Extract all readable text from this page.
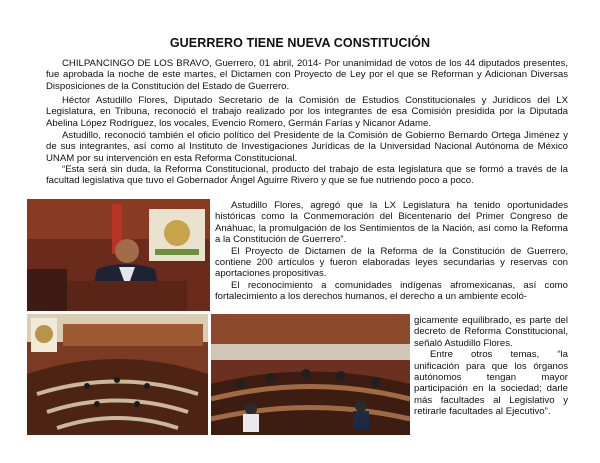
GUERRERO TIENE NUEVA CONSTITUCIÓN

CHILPANCINGO DE LOS BRAVO, Guerrero, 01 abril, 2014- Por unanimidad de votos de los 44 diputados presentes, fue aprobada la noche de este martes, el Dictamen con Proyecto de Ley por el que se Reforman y Adicionan Diversas Disposiciones de la Constitución del Estado de Guerrero.

Héctor Astudillo Flores, Diputado Secretario de la Comisión de Estudios Constitucionales y Jurídicos del LX Legislatura, en Tribuna, reconoció el trabajo realizado por los integrantes de esa Comisión presidida por la Diputada Abelina López Rodríguez, los vocales, Evencio Romero, Germán Farías y Nicanor Adame.

Astudillo, reconoció también el oficio político del Presidente de la Comisión de Gobierno Bernardo Ortega Jiménez y de sus integrantes, así como al Instituto de Investigaciones Jurídicas de la Universidad Nacional Autónoma de México UNAM por su intervención en esta Reforma Constitucional.

“Esta será sin duda, la Reforma Constitucional, producto del trabajo de esta legislatura que se formó a través de la facultad legislativa que tuvo el Gobernador Ángel Aguirre Rivero y que se fue nutriendo poco a poco.

Astudillo Flores, agregó que la LX Legislatura ha tenido oportunidades históricas como la Conmemoración del Bicentenario del Primer Congreso de Anáhuac, la promulgación de los Sentimientos de la Nación, así como la Reforma a la Constitución de Guerrero”.

El Proyecto de Dictamen de la Reforma de la Constitución de Guerrero, contiene 200 artículos y fueron elaboradas leyes secundarias y reservas con aportaciones propositivas.

El reconocimiento a comunidades indígenas afromexicanas, así como fortalecimiento a los derechos humanos, el derecho a un ambiente ecoló-

gicamente equilibrado, es parte del decreto de Reforma Constitucional, señaló Astudillo Flores.

Entre otros temas, “la unificación para que los órganos autónomos tengan mayor participación en la sociedad; darle más facultades al Legislativo y retirarle facultades al Ejecutivo”.
